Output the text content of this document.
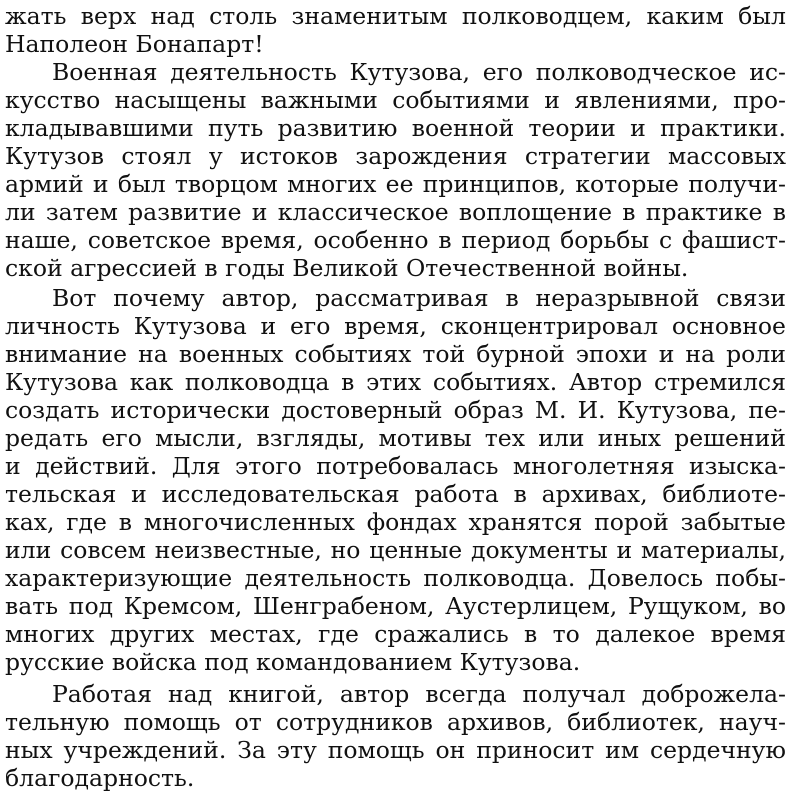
жать верх над столь знаменитым полководцем, каким был
Наполеон Бонапарт!
Военная деятельность Кутузова, его полководческое ис-
кусство насыщены важными событиями и явлениями, про-
кладывавшими путь развитию военной теории и практики.
Кутузов стоял у истоков зарождения стратегии массовых
армий и был творцом многих ее принципов, которые получи-
ли затем развитие и классическое воплощение в практике в
наше, советское время, особенно в период борьбы с фашист-
ской агрессией в годы Великой Отечественной войны.
Вот почему автор, рассматривая в неразрывной связи
личность Кутузова и его время, сконцентрировал основное
внимание на военных событиях той бурной эпохи и на роли
Кутузова как полководца в этих событиях. Автор стремился
создать исторически достоверный образ М. И. Кутузова, пе-
редать его мысли, взгляды, мотивы тех или иных решений
и действий. Для этого потребовалась многолетняя изыска-
тельская и исследовательская работа в архивах, библиоте-
ках, где в многочисленных фондах хранятся порой забытые
или совсем неизвестные, но ценные документы и материалы,
характеризующие деятельность полководца. Довелось побы-
вать под Кремсом, Шенграбеном, Аустерлицем, Рущуком, во
многих других местах, где сражались в то далекое время
русские войска под командованием Кутузова.
Работая над книгой, автор всегда получал доброжела-
тельную помощь от сотрудников архивов, библиотек, науч-
ных учреждений. За эту помощь он приносит им сердечную
благодарность.
